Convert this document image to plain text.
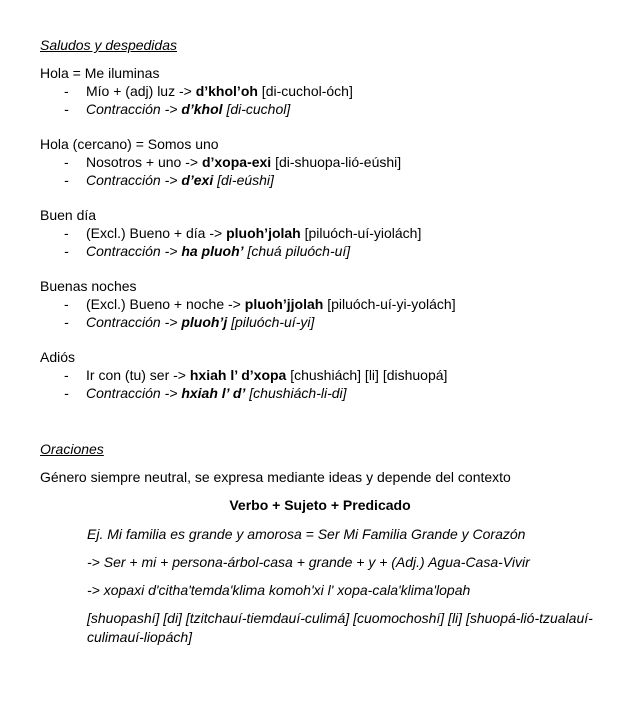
Saludos y despedidas
Hola = Me iluminas
- Mío + (adj) luz -> d’khol’oh [di-cuchol-óch]
- Contracción -> d’khol [di-cuchol]
Hola (cercano) = Somos uno
- Nosotros + uno -> d’xopa-exi [di-shuopa-lió-eúshi]
- Contracción -> d’exi [di-eúshi]
Buen día
- (Excl.) Bueno + día -> pluoh’jolah [piluóch-uí-yiolách]
- Contracción -> ha pluoh’ [chuá piluóch-uí]
Buenas noches
- (Excl.) Bueno + noche -> pluoh’jjolah [piluóch-uí-yi-yolách]
- Contracción -> pluoh’j [piluóch-uí-yi]
Adiós
- Ir con (tu) ser -> hxiah l’ d’xopa [chushiách] [li] [dishuopá]
- Contracción -> hxiah l’ d’ [chushiách-li-di]
Oraciones
Género siempre neutral, se expresa mediante ideas y depende del contexto
Verbo + Sujeto + Predicado
Ej. Mi familia es grande y amorosa = Ser Mi Familia Grande y Corazón
-> Ser + mi + persona-árbol-casa + grande + y + (Adj.) Agua-Casa-Vivir
-> xopaxi d'citha'temda'klima komoh'xi l' xopa-cala'klima'lopah
[shuopashí] [di] [tzitchauí-tiemdauí-culimá] [cuomochoshí] [li] [shuopá-lió-tzualauí-culimauí-liopách]
